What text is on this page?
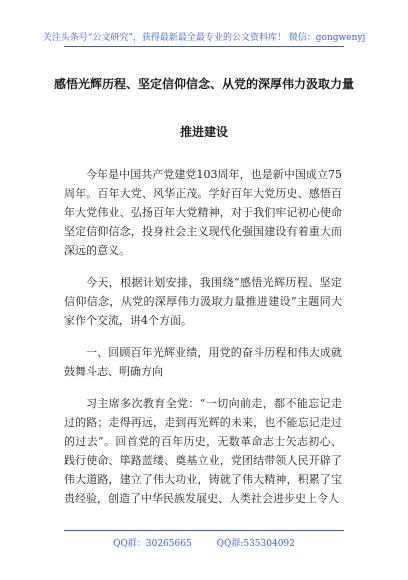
关注头条号“公文研究”，获得最新最全最专业的公文资料库！ 微信：gongwenyj
感悟光辉历程、坚定信仰信念、从党的深厚伟力汲取力量
推进建设

今年是中国共产党建党103周年，也是新中国成立75周年。百年大党、风华正茂。学好百年大党历史、感悟百年大党伟业、弘扬百年大党精神，对于我们牢记初心使命坚定信仰信念，投身社会主义现代化强国建设有着重大而深远的意义。

今天，根据计划安排，我围绕“感悟光辉历程、坚定信仰信念，从党的深厚伟力汲取力量推进建设”主题同大家作个交流，讲4个方面。

一、回顾百年光辉业绩，用党的奋斗历程和伟大成就鼓舞斗志、明确方向

习主席多次教育全党：“一切向前走，都不能忘记走过的路；走得再远，走到再光辉的未来，也不能忘记走过的过去”。回首党的百年历史，无数革命志士矢志初心、践行使命、筚路蓝缕、奠基立业，党团结带领人民开辟了伟大道路，建立了伟大功业，铸就了伟大精神，积累了宝贵经验，创造了中华民族发展史、人类社会进步史上令人

QQ群：30265665	QQ群:535304092
